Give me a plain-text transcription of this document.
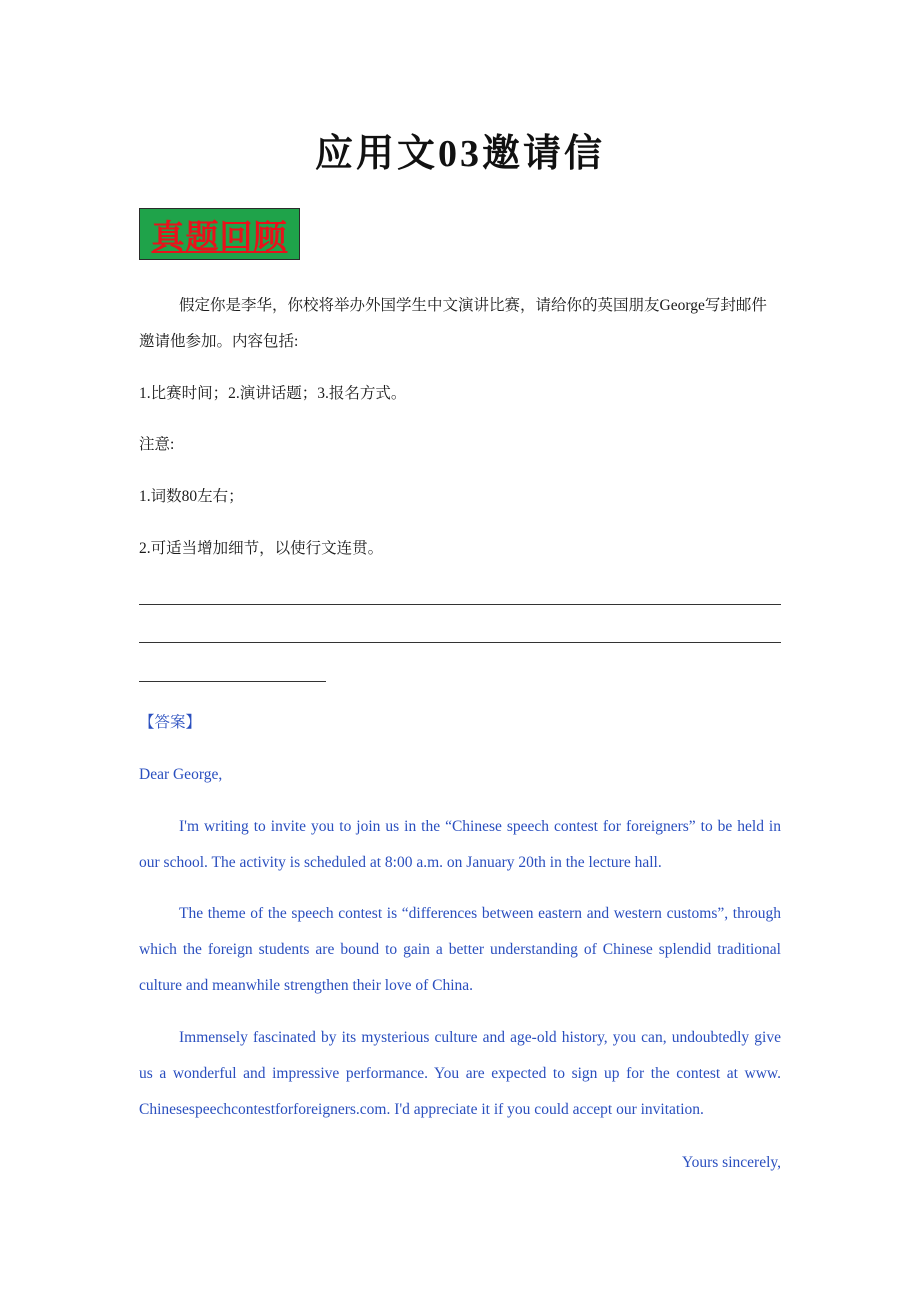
应用文03邀请信
真题回顾
假定你是李华，你校将举办外国学生中文演讲比赛，请给你的英国朋友George写封邮件邀请他参加。内容包括:
1.比赛时间；2.演讲话题；3.报名方式。
注意:
1.词数80左右；
2.可适当增加细节，以使行文连贯。
【答案】
Dear George,
I'm writing to invite you to join us in the “Chinese speech contest for foreigners” to be held in our school. The activity is scheduled at 8:00 a.m. on January 20th in the lecture hall.
The theme of the speech contest is “differences between eastern and western customs”, through which the foreign students are bound to gain a better understanding of Chinese splendid traditional culture and meanwhile strengthen their love of China.
Immensely fascinated by its mysterious culture and age-old history, you can, undoubtedly give us a wonderful and impressive performance. You are expected to sign up for the contest at www. Chinesespeechcontestforforeigners.com. I'd appreciate it if you could accept our invitation.
Yours sincerely,
